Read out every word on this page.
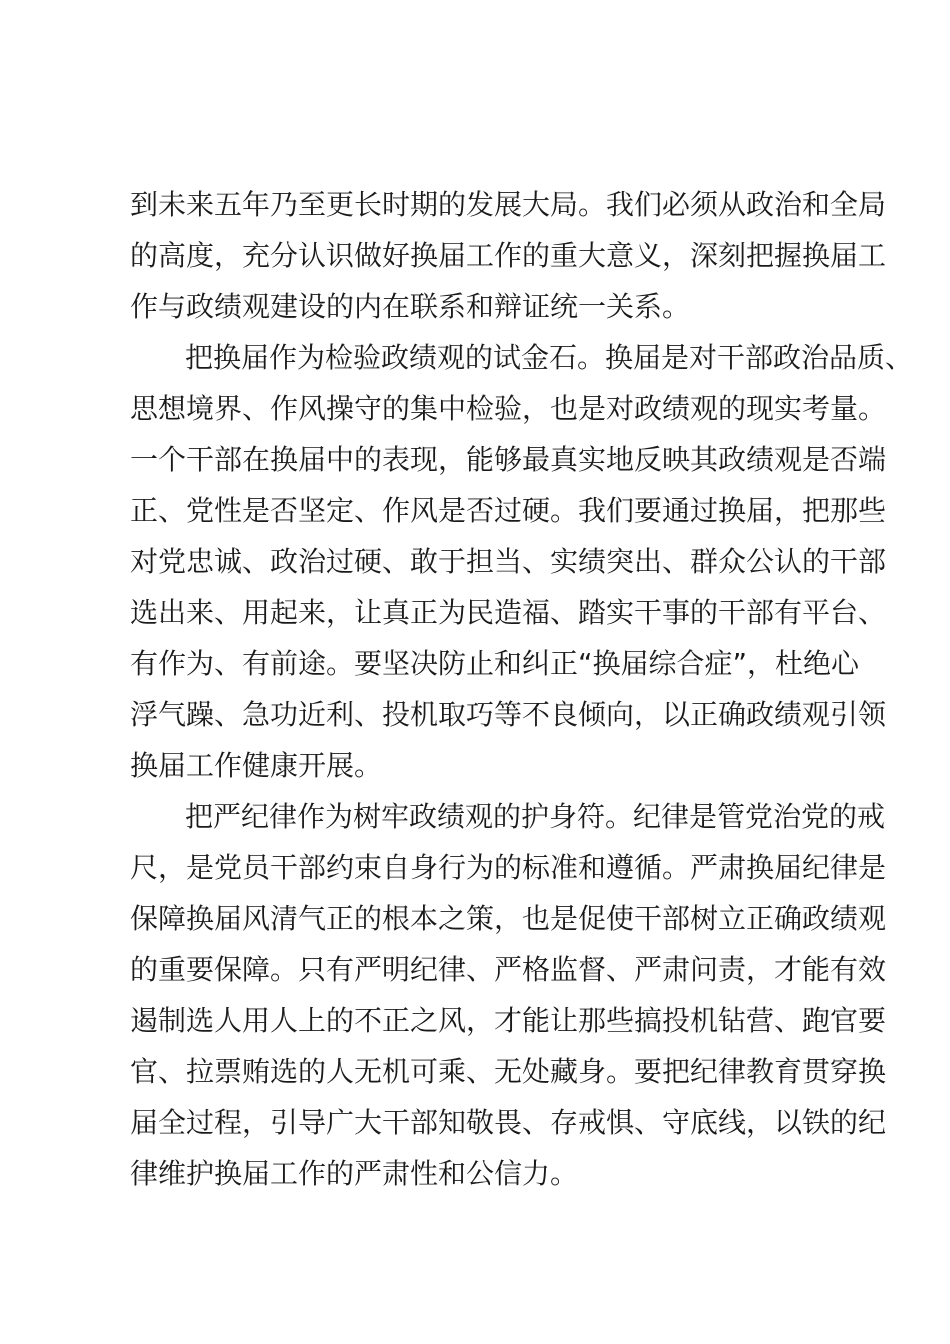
到未来五年乃至更长时期的发展大局。我们必须从政治和全局
的高度，充分认识做好换届工作的重大意义，深刻把握换届工
作与政绩观建设的内在联系和辩证统一关系。
把换届作为检验政绩观的试金石。换届是对干部政治品质、
思想境界、作风操守的集中检验，也是对政绩观的现实考量。
一个干部在换届中的表现，能够最真实地反映其政绩观是否端
正、党性是否坚定、作风是否过硬。我们要通过换届，把那些
对党忠诚、政治过硬、敢于担当、实绩突出、群众公认的干部
选出来、用起来，让真正为民造福、踏实干事的干部有平台、
有作为、有前途。要坚决防止和纠正“换届综合症”，杜绝心
浮气躁、急功近利、投机取巧等不良倾向，以正确政绩观引领
换届工作健康开展。
把严纪律作为树牢政绩观的护身符。纪律是管党治党的戒
尺，是党员干部约束自身行为的标准和遵循。严肃换届纪律是
保障换届风清气正的根本之策，也是促使干部树立正确政绩观
的重要保障。只有严明纪律、严格监督、严肃问责，才能有效
遏制选人用人上的不正之风，才能让那些搞投机钻营、跑官要
官、拉票贿选的人无机可乘、无处藏身。要把纪律教育贯穿换
届全过程，引导广大干部知敬畏、存戒惧、守底线，以铁的纪
律维护换届工作的严肃性和公信力。
